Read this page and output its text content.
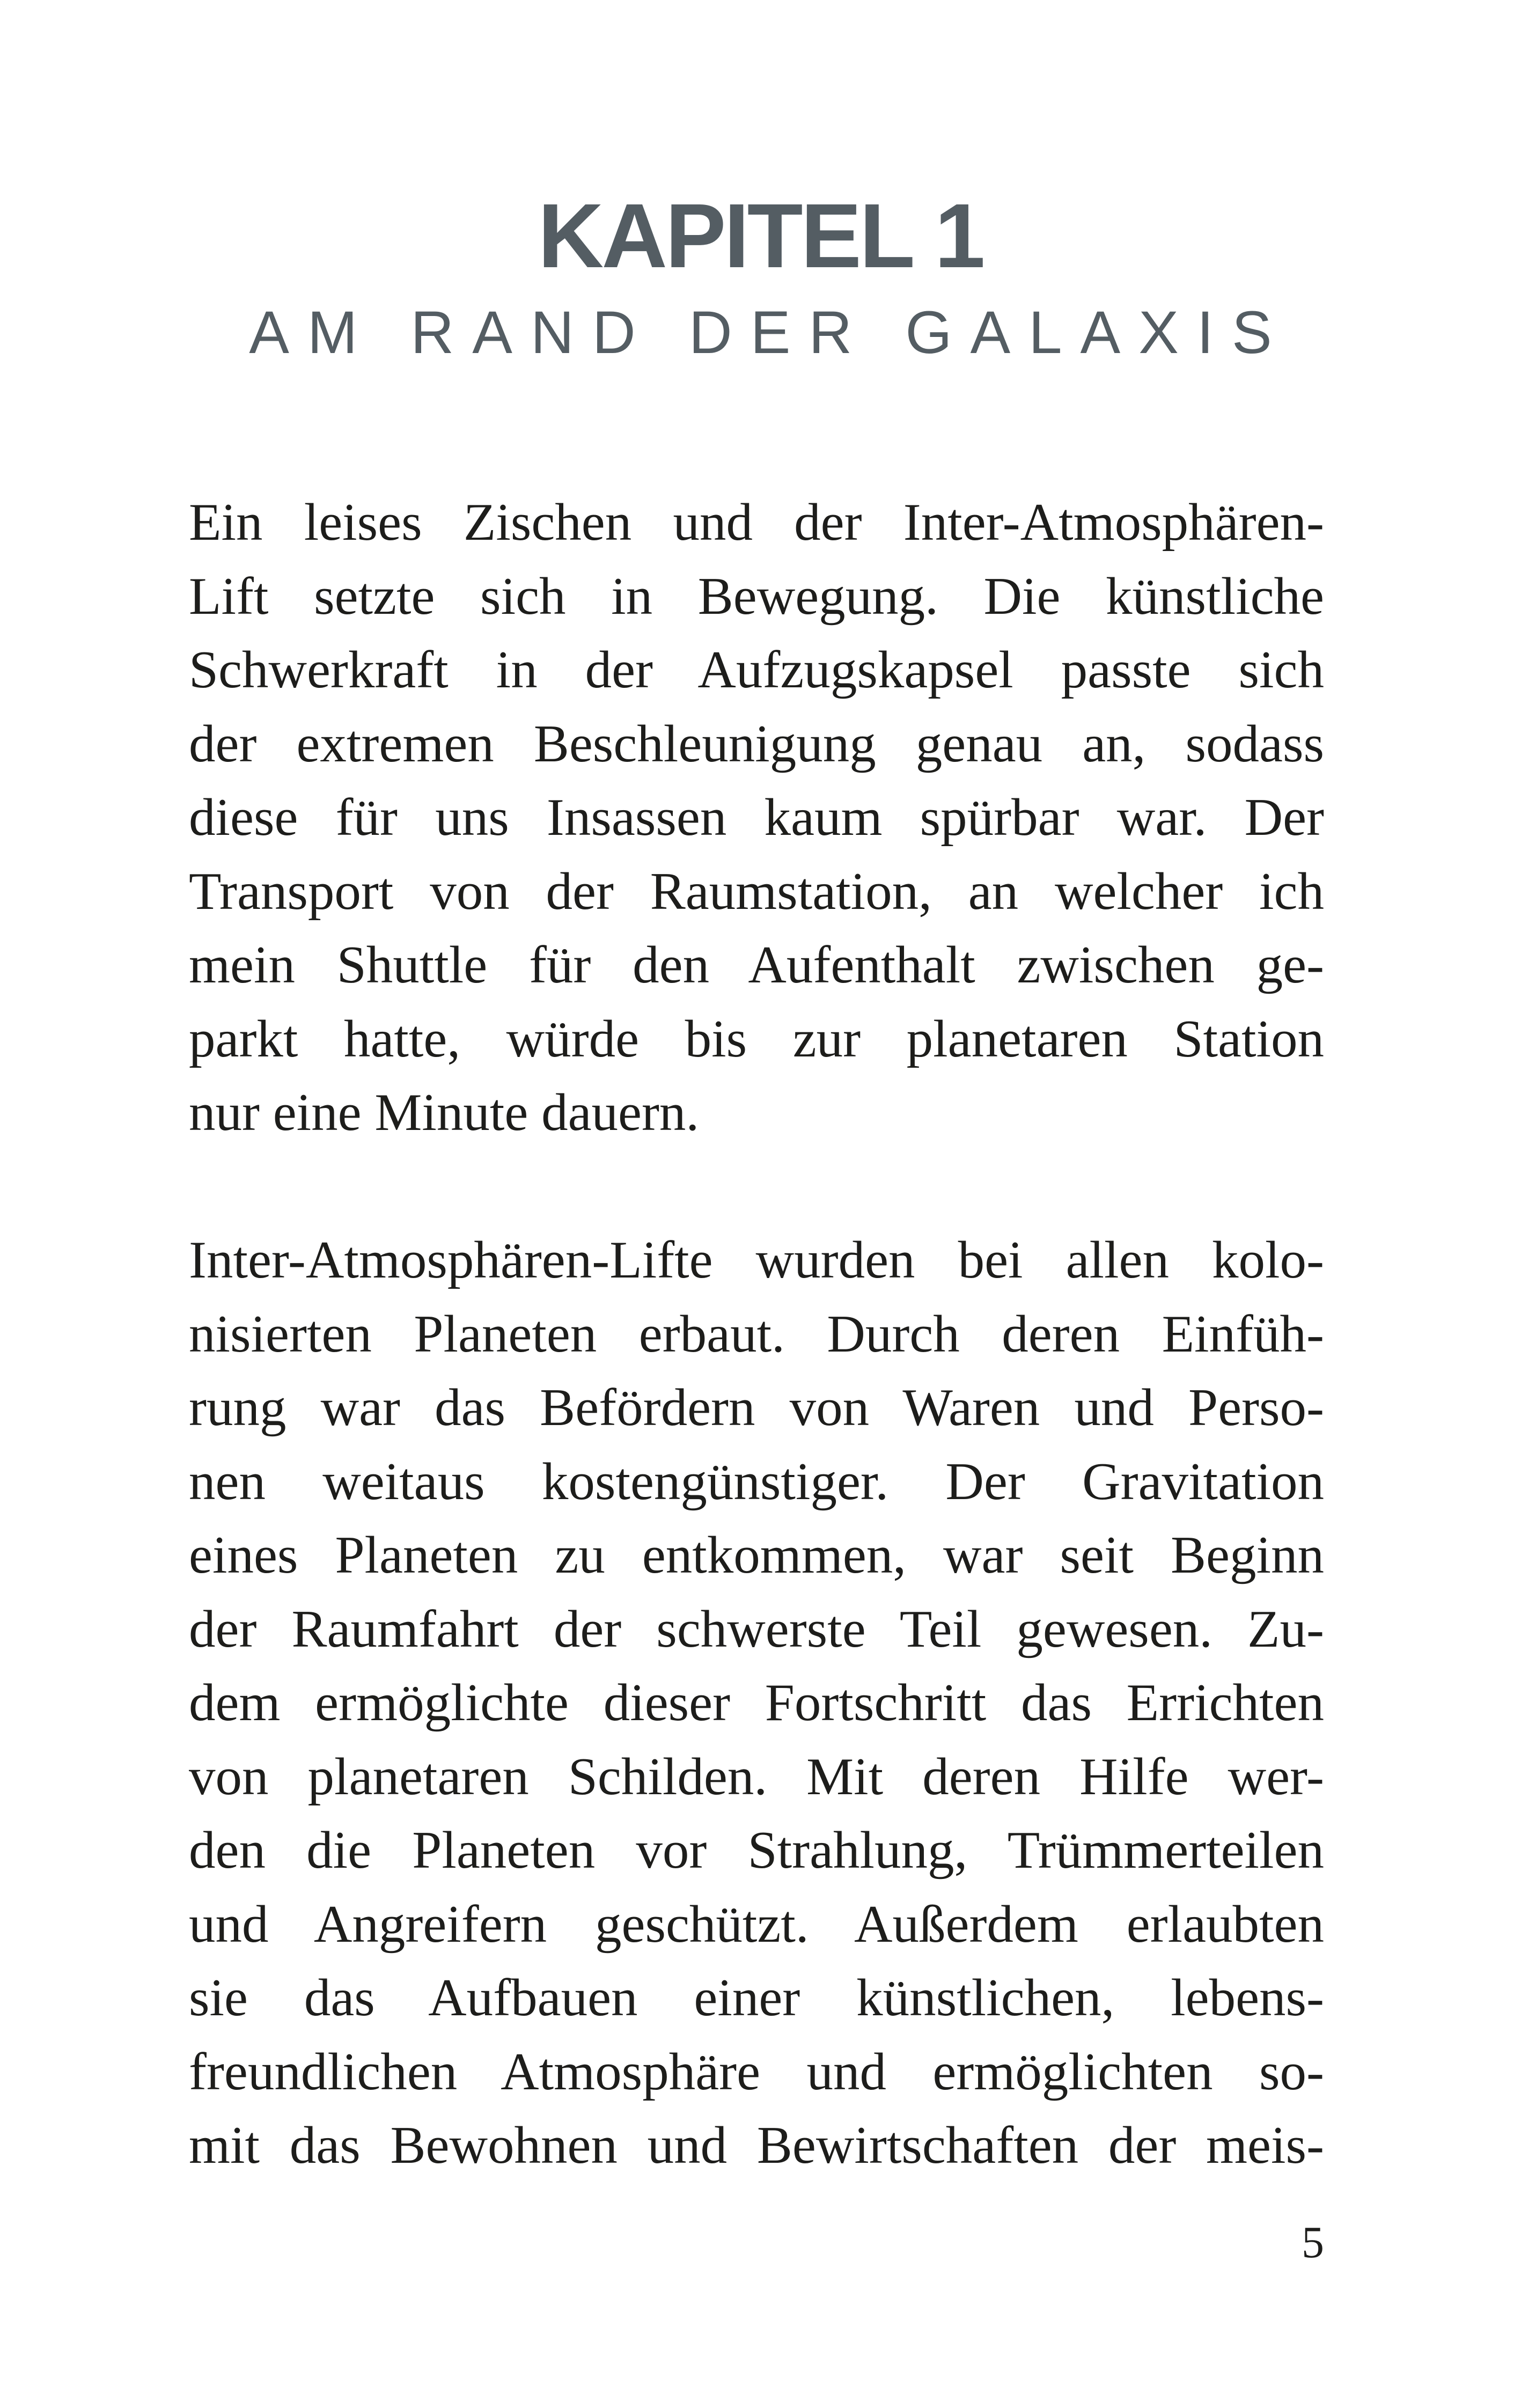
KAPITEL 1
AM RAND DER GALAXIS

Ein leises Zischen und der Inter-Atmosphären-
Lift setzte sich in Bewegung. Die künstliche
Schwerkraft in der Aufzugskapsel passte sich
der extremen Beschleunigung genau an, sodass
diese für uns Insassen kaum spürbar war. Der
Transport von der Raumstation, an welcher ich
mein Shuttle für den Aufenthalt zwischen ge-
parkt hatte, würde bis zur planetaren Station
nur eine Minute dauern.

Inter-Atmosphären-Lifte wurden bei allen kolo-
nisierten Planeten erbaut. Durch deren Einfüh-
rung war das Befördern von Waren und Perso-
nen weitaus kostengünstiger. Der Gravitation
eines Planeten zu entkommen, war seit Beginn
der Raumfahrt der schwerste Teil gewesen. Zu-
dem ermöglichte dieser Fortschritt das Errichten
von planetaren Schilden. Mit deren Hilfe wer-
den die Planeten vor Strahlung, Trümmerteilen
und Angreifern geschützt. Außerdem erlaubten
sie das Aufbauen einer künstlichen, lebens-
freundlichen Atmosphäre und ermöglichten so-
mit das Bewohnen und Bewirtschaften der meis-

5
